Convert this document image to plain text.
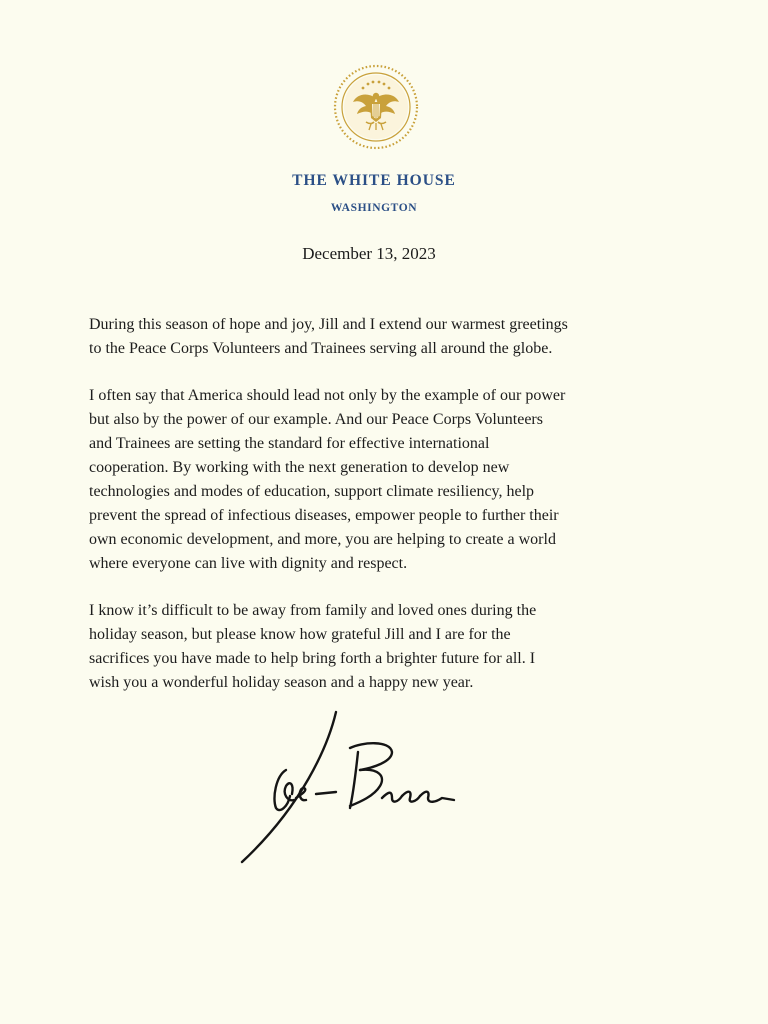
THE WHITE HOUSE
WASHINGTON
December 13, 2023

During this season of hope and joy, Jill and I extend our warmest greetings
to the Peace Corps Volunteers and Trainees serving all around the globe.

I often say that America should lead not only by the example of our power
but also by the power of our example. And our Peace Corps Volunteers
and Trainees are setting the standard for effective international
cooperation. By working with the next generation to develop new
technologies and modes of education, support climate resiliency, help
prevent the spread of infectious diseases, empower people to further their
own economic development, and more, you are helping to create a world
where everyone can live with dignity and respect.

I know it’s difficult to be away from family and loved ones during the
holiday season, but please know how grateful Jill and I are for the
sacrifices you have made to help bring forth a brighter future for all. I
wish you a wonderful holiday season and a happy new year.
